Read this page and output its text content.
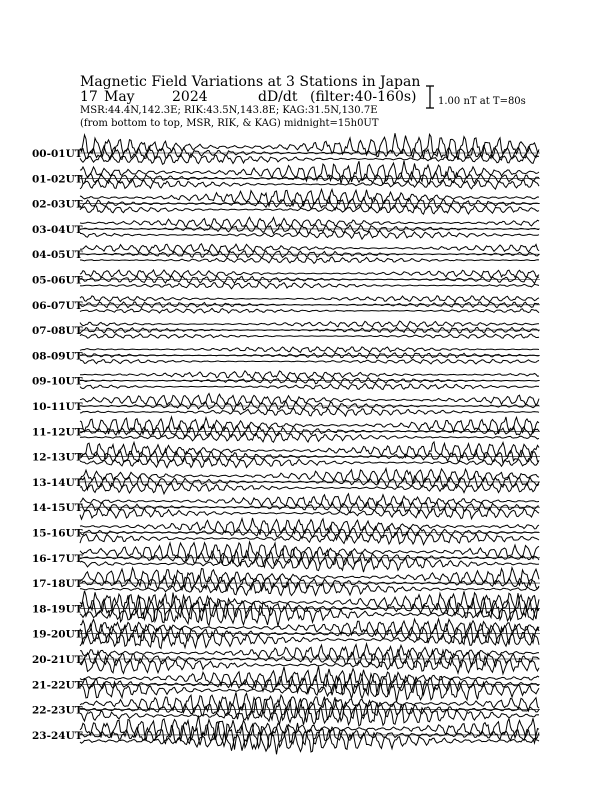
Magnetic Field Variations at 3 Stations in Japan
17 May	2024	dD/dt (filter:40-160s)
MSR:44.4N,142.3E; RIK:43.5N,143.8E; KAG:31.5N,130.7E
(from bottom to top, MSR, RIK, & KAG) midnight=15h0UT
1.00 nT at T=80s
00-01UT
01-02UT
02-03UT
03-04UT
04-05UT
05-06UT
06-07UT
07-08UT
08-09UT
09-10UT
10-11UT
11-12UT
12-13UT
13-14UT
14-15UT
15-16UT
16-17UT
17-18UT
18-19UT
19-20UT
20-21UT
21-22UT
22-23UT
23-24UT
